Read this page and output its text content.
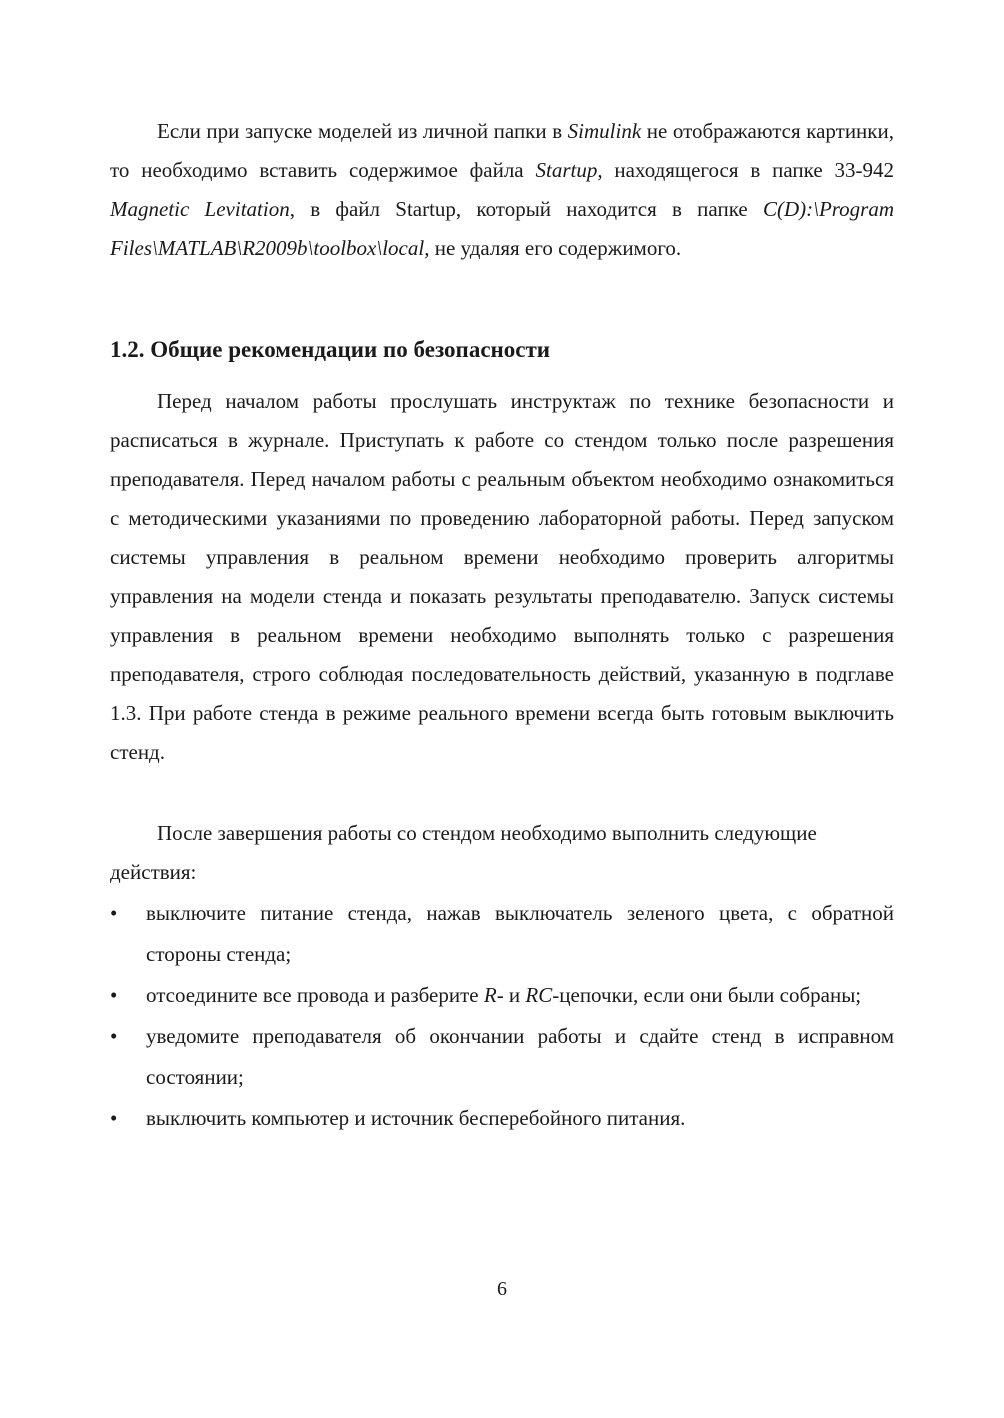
Если при запуске моделей из личной папки в Simulink не отображаются картинки, то необходимо вставить содержимое файла Startup, находящегося в папке 33-942 Magnetic Levitation, в файл Startup, который находится в папке C(D):\Program Files\MATLAB\R2009b\toolbox\local, не удаляя его содержимого.

1.2. Общие рекомендации по безопасности

Перед началом работы прослушать инструктаж по технике безопасности и расписаться в журнале. Приступать к работе со стендом только после разрешения преподавателя. Перед началом работы с реальным объектом необходимо ознакомиться с методическими указаниями по проведению лабораторной работы. Перед запуском системы управления в реальном времени необходимо проверить алгоритмы управления на модели стенда и показать результаты преподавателю. Запуск системы управления в реальном времени необходимо выполнять только с разрешения преподавателя, строго соблюдая последовательность действий, указанную в подглаве 1.3. При работе стенда в режиме реального времени всегда быть готовым выключить стенд.

После завершения работы со стендом необходимо выполнить следующие
действия:

•	выключите питание стенда, нажав выключатель зеленого цвета, с обратной стороны стенда;
•	отсоедините все провода и разберите R- и RC-цепочки, если они были собраны;
•	уведомите преподавателя об окончании работы и сдайте стенд в исправном состоянии;
•	выключить компьютер и источник бесперебойного питания.
6
